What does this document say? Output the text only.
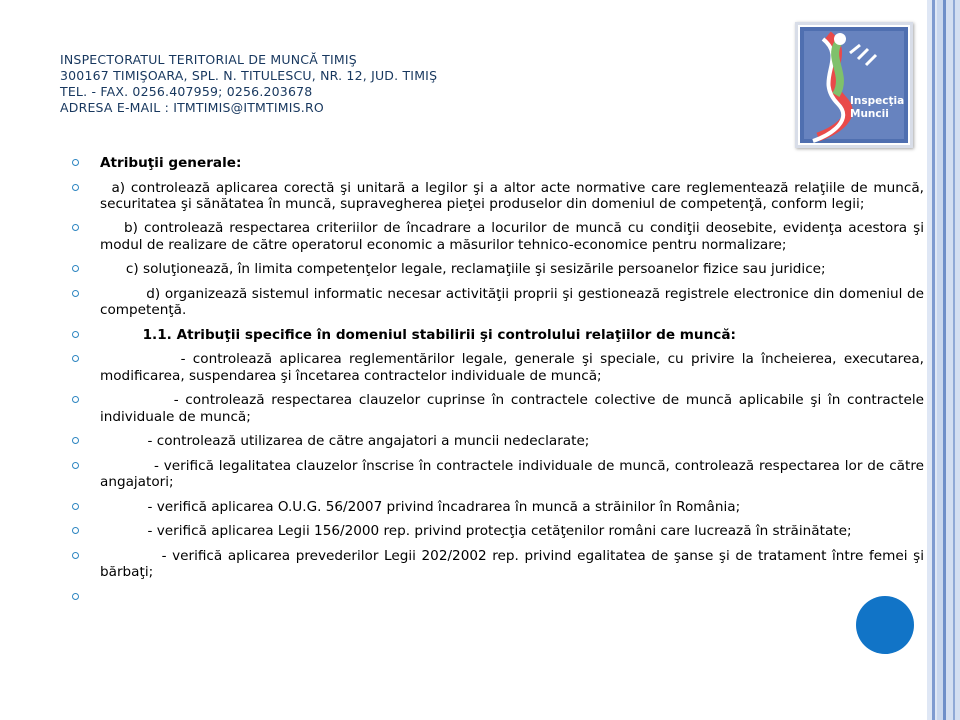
INSPECTORATUL TERITORIAL DE MUNCĂ TIMIŞ
300167 TIMIŞOARA, SPL. N. TITULESCU, NR. 12, JUD. TIMIŞ
TEL. - FAX. 0256.407959; 0256.203678
ADRESA E-MAIL : ITMTIMIS@ITMTIMIS.RO	Inspecţia
Muncii
Atribuţii generale:
a) controlează aplicarea corectă şi unitară a legilor şi a altor acte normative care reglementează relaţiile de muncă, securitatea şi sănătatea în muncă, supravegherea pieţei produselor din domeniul de competenţă, conform legii;
b) controlează respectarea criteriilor de încadrare a locurilor de muncă cu condiţii deosebite, evidenţa acestora şi modul de realizare de către operatorul economic a măsurilor tehnico-economice pentru normalizare;
c) soluţionează, în limita competenţelor legale, reclamaţiile şi sesizările persoanelor fizice sau juridice;
d) organizează sistemul informatic necesar activităţii proprii şi gestionează registrele electronice din domeniul de competenţă.
1.1. Atribuţii specifice în domeniul stabilirii şi controlului relaţiilor de muncă:
- controlează aplicarea reglementărilor legale, generale şi speciale, cu privire la încheierea, executarea, modificarea, suspendarea şi încetarea contractelor individuale de muncă;
- controlează respectarea clauzelor cuprinse în contractele colective de muncă aplicabile şi în contractele individuale de muncă;
- controlează utilizarea de către angajatori a muncii nedeclarate;
- verifică legalitatea clauzelor înscrise în contractele individuale de muncă, controlează respectarea lor de către angajatori;
- verifică aplicarea O.U.G. 56/2007 privind încadrarea în muncă a străinilor în România;
- verifică aplicarea Legii 156/2000 rep. privind protecţia cetăţenilor români care lucrează în străinătate;
- verifică aplicarea prevederilor Legii 202/2002 rep. privind egalitatea de şanse şi de tratament între femei şi bărbaţi;
